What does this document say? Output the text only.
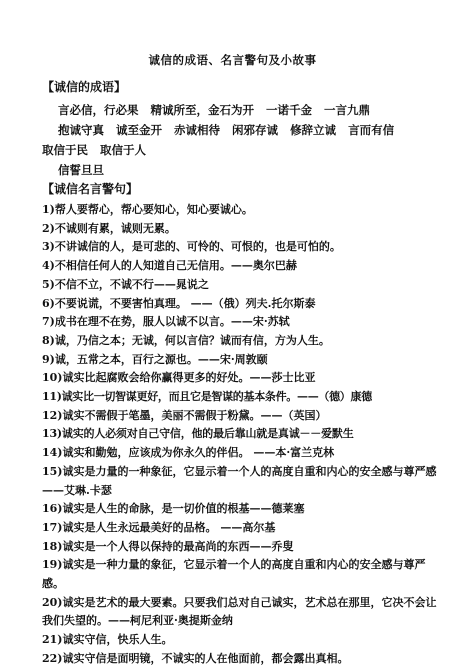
诚信的成语、名言警句及小故事
【诚信的成语】
言必信，行必果 精诚所至，金石为开 一诺千金 一言九鼎
抱诚守真 诚至金开 赤诚相待 闲邪存诚 修辞立诚 言而有信
取信于民 取信于人
信誓旦旦
【诚信名言警句】
1)帮人要帮心，帮心要知心，知心要诚心。
2)不诚则有累，诚则无累。
3)不讲诚信的人，是可悲的、可怜的、可恨的，也是可怕的。
4)不相信任何人的人知道自己无信用。——奥尔巴赫
5)不信不立，不诚不行——晁说之
6)不要说谎，不要害怕真理。 ——（俄）列夫.托尔斯泰
7)成书在理不在势，服人以诚不以言。——宋·苏轼
8)诚，乃信之本；无诚，何以言信？诚而有信，方为人生。
9)诚，五常之本，百行之源也。——宋·周敦颐
10)诚实比起腐败会给你赢得更多的好处。——莎士比亚
11)诚实比一切智谋更好，而且它是智谋的基本条件。——（德）康德
12)诚实不需假于笔墨，美丽不需假于粉黛。——（英国）
13)诚实的人必须对自己守信，他的最后靠山就是真诚－－爱默生
14)诚实和勤勉，应该成为你永久的伴侣。 ——本·富兰克林
15)诚实是力量的一种象征，它显示着一个人的高度自重和内心的安全感与尊严感——艾琳.卡瑟
16)诚实是人生的命脉，是一切价值的根基——德莱塞
17)诚实是人生永远最美好的品格。 ——高尔基
18)诚实是一个人得以保持的最高尚的东西——乔叟
19)诚实是一种力量的象征，它显示着一个人的高度自重和内心的安全感与尊严感。
20)诚实是艺术的最大要素。只要我们总对自己诚实，艺术总在那里，它决不会让我们失望的。——柯尼利亚·奥提斯金纳
21)诚实守信，快乐人生。
22)诚实守信是面明镜，不诚实的人在他面前，都会露出真相。
